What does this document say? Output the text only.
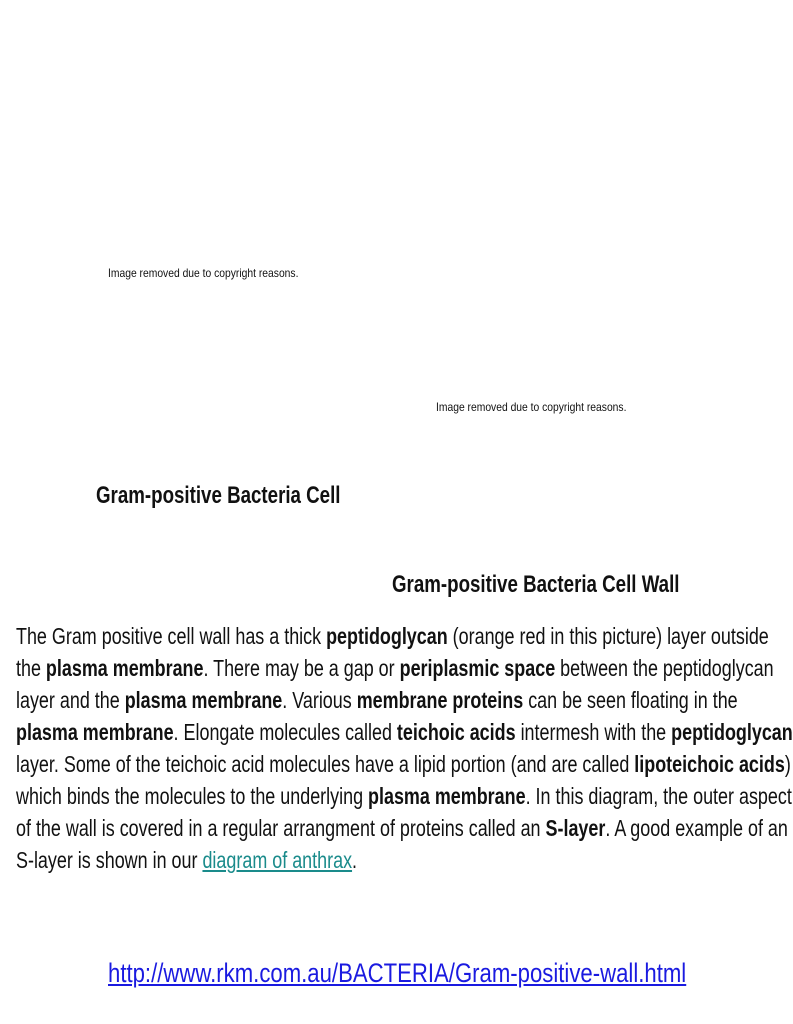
Image removed due to copyright reasons.
Image removed due to copyright reasons.
Gram-positive Bacteria Cell
Gram-positive Bacteria Cell Wall
The Gram positive cell wall has a thick peptidoglycan (orange red in this picture) layer outside
the plasma membrane. There may be a gap or periplasmic space between the peptidoglycan
layer and the plasma membrane. Various membrane proteins can be seen floating in the
plasma membrane. Elongate molecules called teichoic acids intermesh with the peptidoglycan
layer. Some of the teichoic acid molecules have a lipid portion (and are called lipoteichoic acids)
which binds the molecules to the underlying plasma membrane. In this diagram, the outer aspect
of the wall is covered in a regular arrangment of proteins called an S-layer. A good example of an
S-layer is shown in our diagram of anthrax.
http://www.rkm.com.au/BACTERIA/Gram-positive-wall.html
